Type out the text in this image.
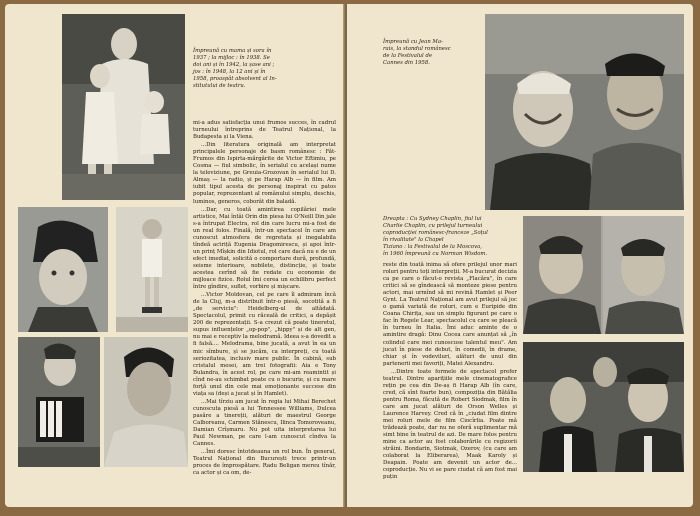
Împreună cu mama și sora în

1937 ; la mijloc : în 1938. Se

doi ani și în 1942, la șase ani ;

jos : în 1948, la 12 ani și în

1958, proaspăt absolvent al In-

stitutului de teatru.

mi-a adus satisfacția unui frumos succes, în cadrul turneului întreprins de Teatrul Național, la Budapesta și la Viena.

...Din literatura originală am interpretat principalele personaje de basm românesc : Făt-Frumos din Ispirta-mărgărite de Victor Eftimiu, pe Cosma — fiul simbolic, în serialul cu același nume la televiziune, pe Greuia-Grozovan în serialul lui D. Almaș — la radio, și pe Harap Alb — în film. Am iubit tipul acesta de personaj inspirat cu patos popular, reprezentant al românului simplu, deschis, luminos, generos, coborât din baladă.

...Dar, cu toată amintirea copilăriei mele artistice, Mai întâi Orin din piesa lui O'Neill Din jale s-a întrupat Electra, rol din care lucru mi-a fost de un real folos. Finală, într-un spectacol în care am cunoscut atmosfera de regretata și inegalabila tîndeă actriță Eugenia Dragomirescu, și apoi într-un prinț Mîșkin din Idiotul, rol care dacă nu e de un efect imediat, solicită o comportare dură, profundă, seisme interioare, nobilete, distincție, și toate acestea cerînd să fie redate cu economie de mijloace fizice. Rolul îmi cerea un echilibru perfect între gîndire, suflet, vorbire și mișcare.

...Victor Moldovan, cel pe care îl admiram încă de la Cluj, m-a distribuit într-o piesă, socotită a fi „de serviciu": Heidelberg-ul de altădată. Spectacolul, primit cu răceală de critici, a depășit 200 de reprezentații. S-a crezut că poate tineretul, supus influențelor „op-pop", „hippy" și de alt gen, nu mai e receptiv la melodramă. Ideea s-a dovedit a fi falsă.... Melodrama, bine jucată, a avut în ea un mic sîmbure, și se jucăm, ca interpreți, cu toată seriozitatea, inclusiv mare public. În cabină, sub cristalul mesei, am trei fotografii: Aia e Tony Bulandra, în acest rol, pe care mi-am reamintit și cînd ne-au schimbat poate cu o bucurie, și cu mare forță unul din cele mai emoționante succese din viața sa (deși a jucat și în Hamlet).

...Mai tîrziu am jucat în regia lui Mihai Berechet cunoscuta piesă a lui Tennessee Williams, Dulcea pasăre a tinereții, alături de maestrul George Calboreanu, Carmen Stănescu, Ilinca Tomoroveanu, Damian Crîșmaru. Nu pot uita interpretarea lui Paul Newman, pe care l-am cunoscut cîndva la Cannes.

...Îmi doresc întotdeauna un rol bun. În general, Teatrul Național din București trece printr-un proces de împrospătare. Radu Beligan mereu tînăr, ca actor și ca om, de-

Împreună cu Jean Ma-

rais, la standul românesc

de la Festivalul de

Cannes din 1958.

Dreapta : Cu Sydney Chaplin, fiul lui

Charlie Chaplin, cu prilejul turneului

coproducției românesc-franceze „Soțul

în rivalitate" la Chapel

Tiziano : la Festivalul de la Moscova,

în 1960 împreună cu Norman Wisdom.

reste din toată inima să ofere prilejul unor mari roluri pentru toți interpreții. M-a bucurat decizia ca pe care o făcut-o revista „Flacăra", în care critici să se gîndească să monteze piese pentru actori, mai urmînd să mi revină Hamlet și Peer Gynt. La Teatrul Național am avut prilejul să joc o gamă variată de roluri, cum e Euripide din Coana Chirița, sau un simplu figurant pe care o fac în Regele Lear, spectacolul cu care se pleacă în turneu în Italia. Îmi aduc aminte de o amintire dragă: Dinu Cocea care anunțat să „în colindul care mei cunoscuse talentul meu". Am jucat în piese de debut, în comedii, în drame, chiar și în vodeviluri, alături de unul din partenerii mei favoriți, Matei Alexandru.

...Dintre toate formele de spectacol prefer teatrul. Dintre aparițiile mele cinematografice rețin pe cea din De-aș fi Harap Alb (în care, cred, că sînt foarte bun), compoziția din Bătălia pentru Roma, făcută de Robert Siodmak, film în care am jucat alături de Orson Welles și Laurence Harvey. Cred că în „ciudat film dintre mei roluri mele de film Ciocîrlia. Poate mă trădează poate, dar nu ne oferă suplimentar mă simt bine în teatrul de azi. De mare folos pentru mine ca actor au fost colaborările cu regizorii străini. Bondarin, Siotmak, Ozerov, (cu care am colaborat la Eliberarea), Maak Karoly și Deapain. Poate am devenit un actor de... coproducție. Nu vi se pare ciudat că am fost mai puțin
